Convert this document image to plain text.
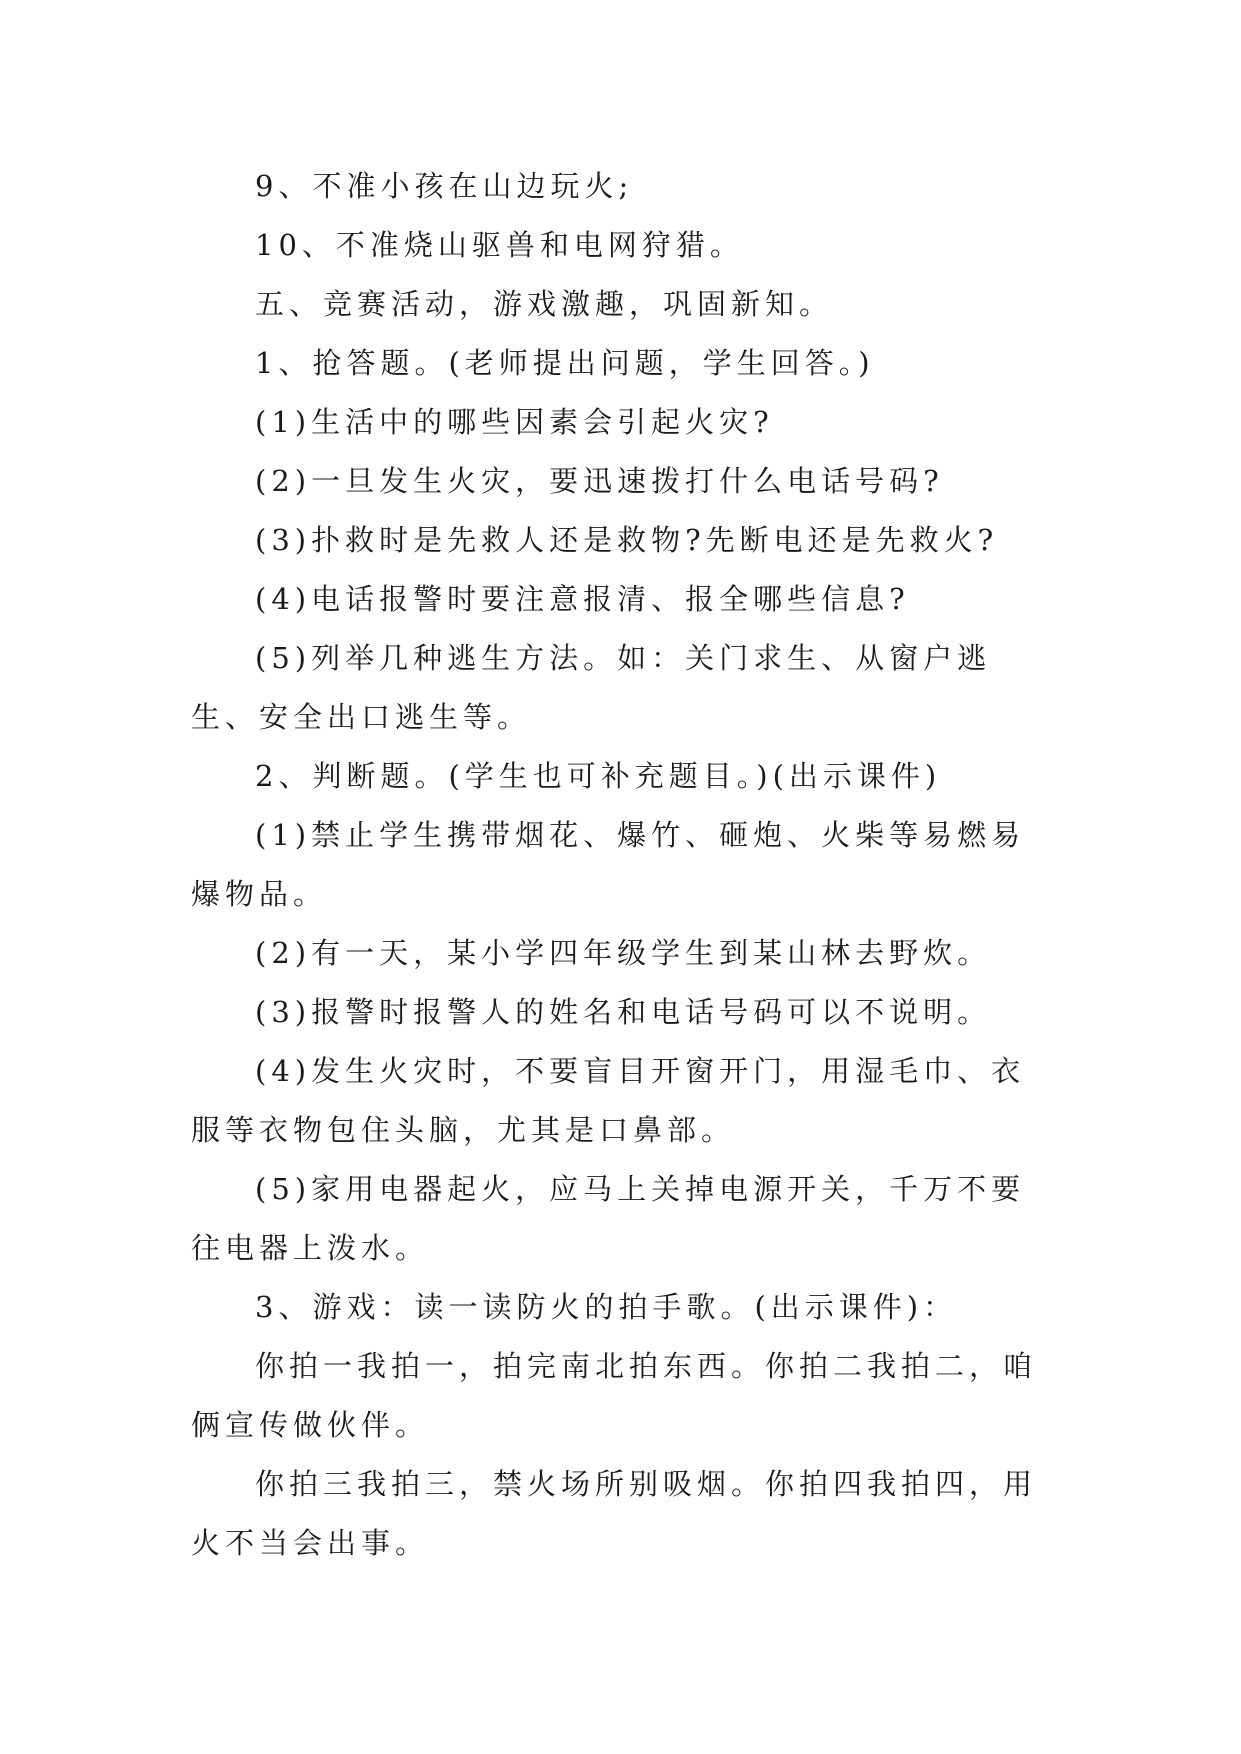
9、不准小孩在山边玩火;

10、不准烧山驱兽和电网狩猎。

五、竞赛活动，游戏激趣，巩固新知。

1、抢答题。(老师提出问题，学生回答。)

(1)生活中的哪些因素会引起火灾?

(2)一旦发生火灾，要迅速拨打什么电话号码?

(3)扑救时是先救人还是救物?先断电还是先救火?

(4)电话报警时要注意报清、报全哪些信息?

(5)列举几种逃生方法。如：关门求生、从窗户逃生、安全出口逃生等。

2、判断题。(学生也可补充题目。)(出示课件)

(1)禁止学生携带烟花、爆竹、砸炮、火柴等易燃易爆物品。

(2)有一天，某小学四年级学生到某山林去野炊。

(3)报警时报警人的姓名和电话号码可以不说明。

(4)发生火灾时，不要盲目开窗开门，用湿毛巾、衣服等衣物包住头脑，尤其是口鼻部。

(5)家用电器起火，应马上关掉电源开关，千万不要往电器上泼水。

3、游戏：读一读防火的拍手歌。(出示课件)：

你拍一我拍一，拍完南北拍东西。你拍二我拍二，咱俩宣传做伙伴。

你拍三我拍三，禁火场所别吸烟。你拍四我拍四，用火不当会出事。
